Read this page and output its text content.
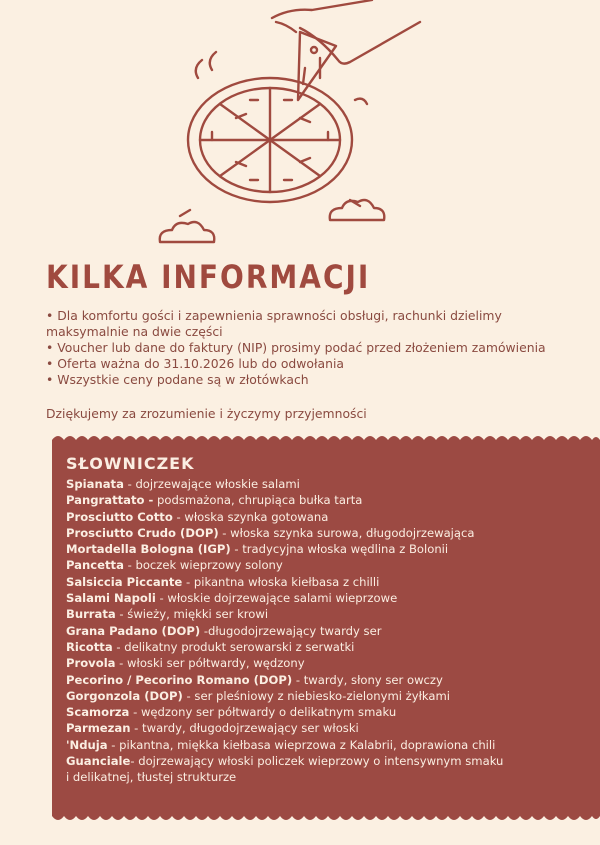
KILKA INFORMACJI
• Dla komfortu gości i zapewnienia sprawności obsługi, rachunki dzielimy maksymalnie na dwie części
• Voucher lub dane do faktury (NIP) prosimy podać przed złożeniem zamówienia
• Oferta ważna do 31.10.2026 lub do odwołania
• Wszystkie ceny podane są w złotówkach
Dziękujemy za zrozumienie i życzymy przyjemności
SŁOWNICZEK
Spianata - dojrzewające włoskie salami
Pangrattato - podsmażona, chrupiąca bułka tarta
Prosciutto Cotto - włoska szynka gotowana
Prosciutto Crudo (DOP) - włoska szynka surowa, długodojrzewająca
Mortadella Bologna (IGP) - tradycyjna włoska wędlina z Bolonii
Pancetta - boczek wieprzowy solony
Salsiccia Piccante - pikantna włoska kiełbasa z chilli
Salami Napoli - włoskie dojrzewające salami wieprzowe
Burrata - świeży, miękki ser krowi
Grana Padano (DOP) -długodojrzewający twardy ser
Ricotta - delikatny produkt serowarski z serwatki
Provola - włoski ser półtwardy, wędzony
Pecorino / Pecorino Romano (DOP) - twardy, słony ser owczy
Gorgonzola (DOP) - ser pleśniowy z niebiesko-zielonymi żyłkami
Scamorza - wędzony ser półtwardy o delikatnym smaku
Parmezan - twardy, długodojrzewający ser włoski
'Nduja - pikantna, miękka kiełbasa wieprzowa z Kalabrii, doprawiona chili
Guanciale- dojrzewający włoski policzek wieprzowy o intensywnym smaku
i delikatnej, tłustej strukturze
